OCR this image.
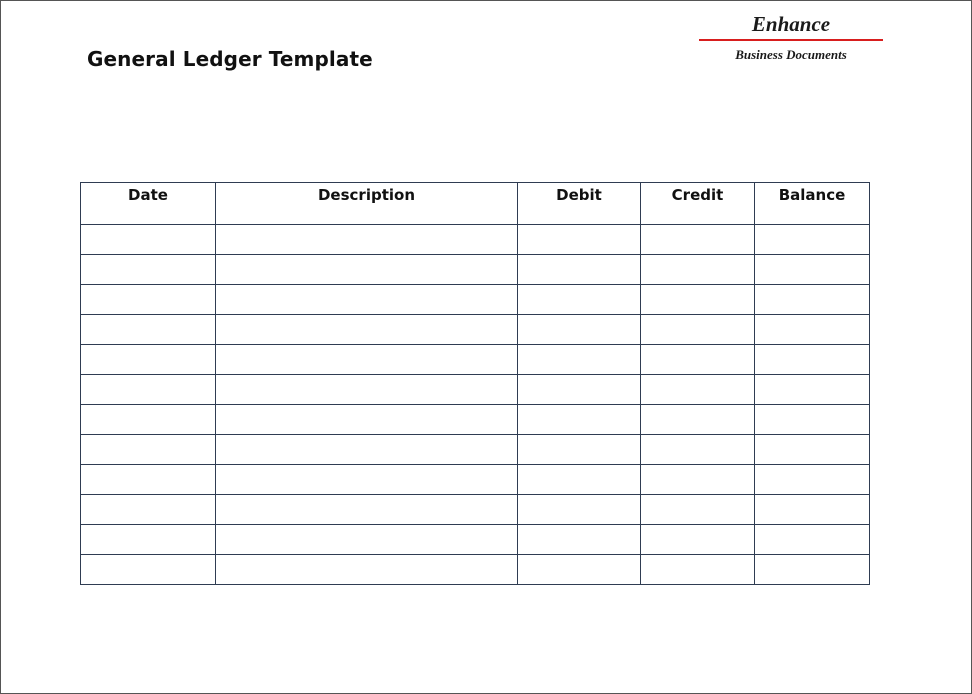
General Ledger Template
Enhance
Business Documents
Date	Description	Debit	Credit	Balance
